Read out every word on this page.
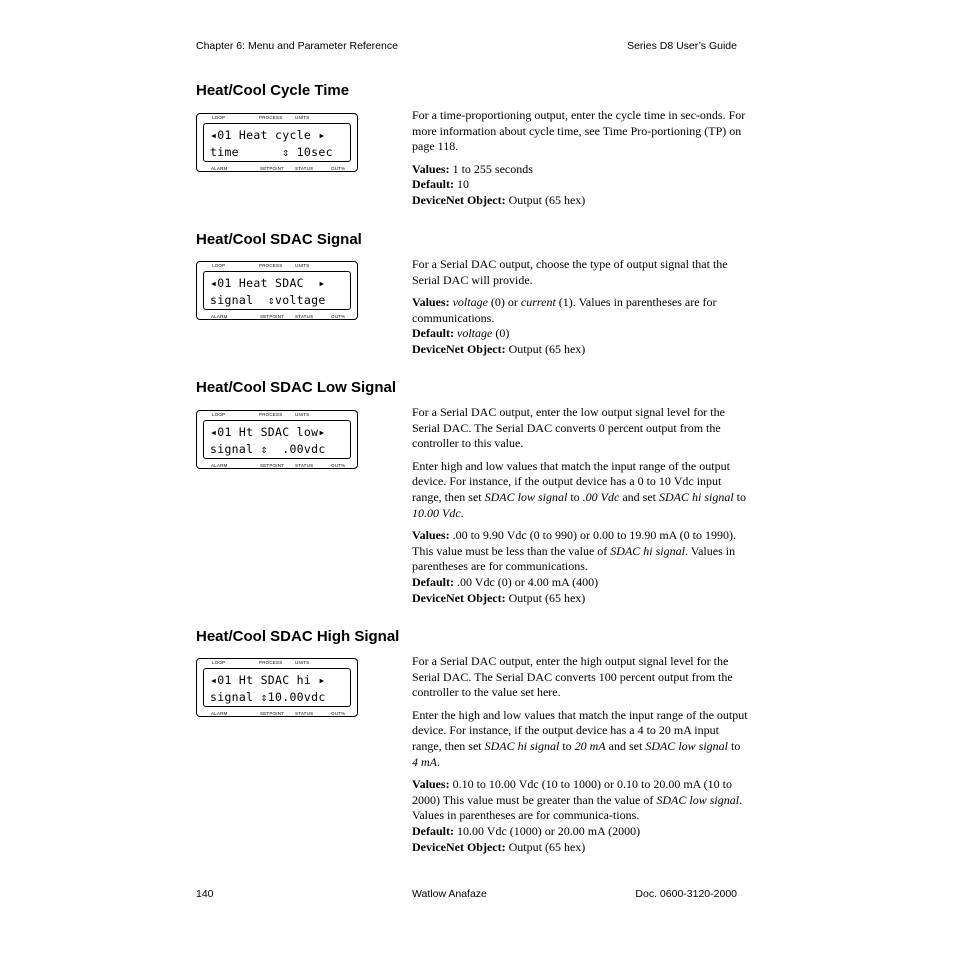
Chapter 6: Menu and Parameter Reference	Series D8 User’s Guide
Heat/Cool Cycle Time
LOOP	PROCESS	UNITS
◂01 Heat cycle ▸
time      ⇕ 10sec
ALARM	SETPOINT STATUS	OUT%

For a time-proportioning output, enter the cycle time in sec-onds. For more information about cycle time, see Time Pro-portioning (TP) on page 118.

Values: 1 to 255 seconds

Default: 10

DeviceNet Object: Output (65 hex)

Heat/Cool SDAC Signal
LOOP	PROCESS	UNITS
◂01 Heat SDAC  ▸
signal  ⇕voltage
ALARM	SETPOINT STATUS	OUT%

For a Serial DAC output, choose the type of output signal that the Serial DAC will provide.

Values: voltage (0) or current (1). Values in parentheses are for communications.

Default: voltage (0)

DeviceNet Object: Output (65 hex)

Heat/Cool SDAC Low Signal
LOOP	PROCESS	UNITS
◂01 Ht SDAC low▸
signal ⇕  .00vdc
ALARM	SETPOINT STATUS	OUT%

For a Serial DAC output, enter the low output signal level for the Serial DAC. The Serial DAC converts 0 percent output from the controller to this value.

Enter high and low values that match the input range of the output device. For instance, if the output device has a 0 to 10 Vdc input range, then set SDAC low signal to .00 Vdc and set SDAC hi signal to 10.00 Vdc.

Values: .00 to 9.90 Vdc (0 to 990) or 0.00 to 19.90 mA (0 to 1990). This value must be less than the value of SDAC hi signal. Values in parentheses are for communications.

Default: .00 Vdc (0) or 4.00 mA (400)

DeviceNet Object: Output (65 hex)

Heat/Cool SDAC High Signal
LOOP	PROCESS	UNITS
◂01 Ht SDAC hi ▸
signal ⇕10.00vdc
ALARM	SETPOINT STATUS	OUT%

For a Serial DAC output, enter the high output signal level for the Serial DAC. The Serial DAC converts 100 percent output from the controller to the value set here.

Enter the high and low values that match the input range of the output device. For instance, if the output device has a 4 to 20 mA input range, then set SDAC hi signal to 20 mA and set SDAC low signal to 4 mA.

Values: 0.10 to 10.00 Vdc (10 to 1000) or 0.10 to 20.00 mA (10 to 2000) This value must be greater than the value of SDAC low signal. Values in parentheses are for communica-tions.

Default: 10.00 Vdc (1000) or 20.00 mA (2000)

DeviceNet Object: Output (65 hex)

140	Watlow Anafaze	Doc. 0600-3120-2000
